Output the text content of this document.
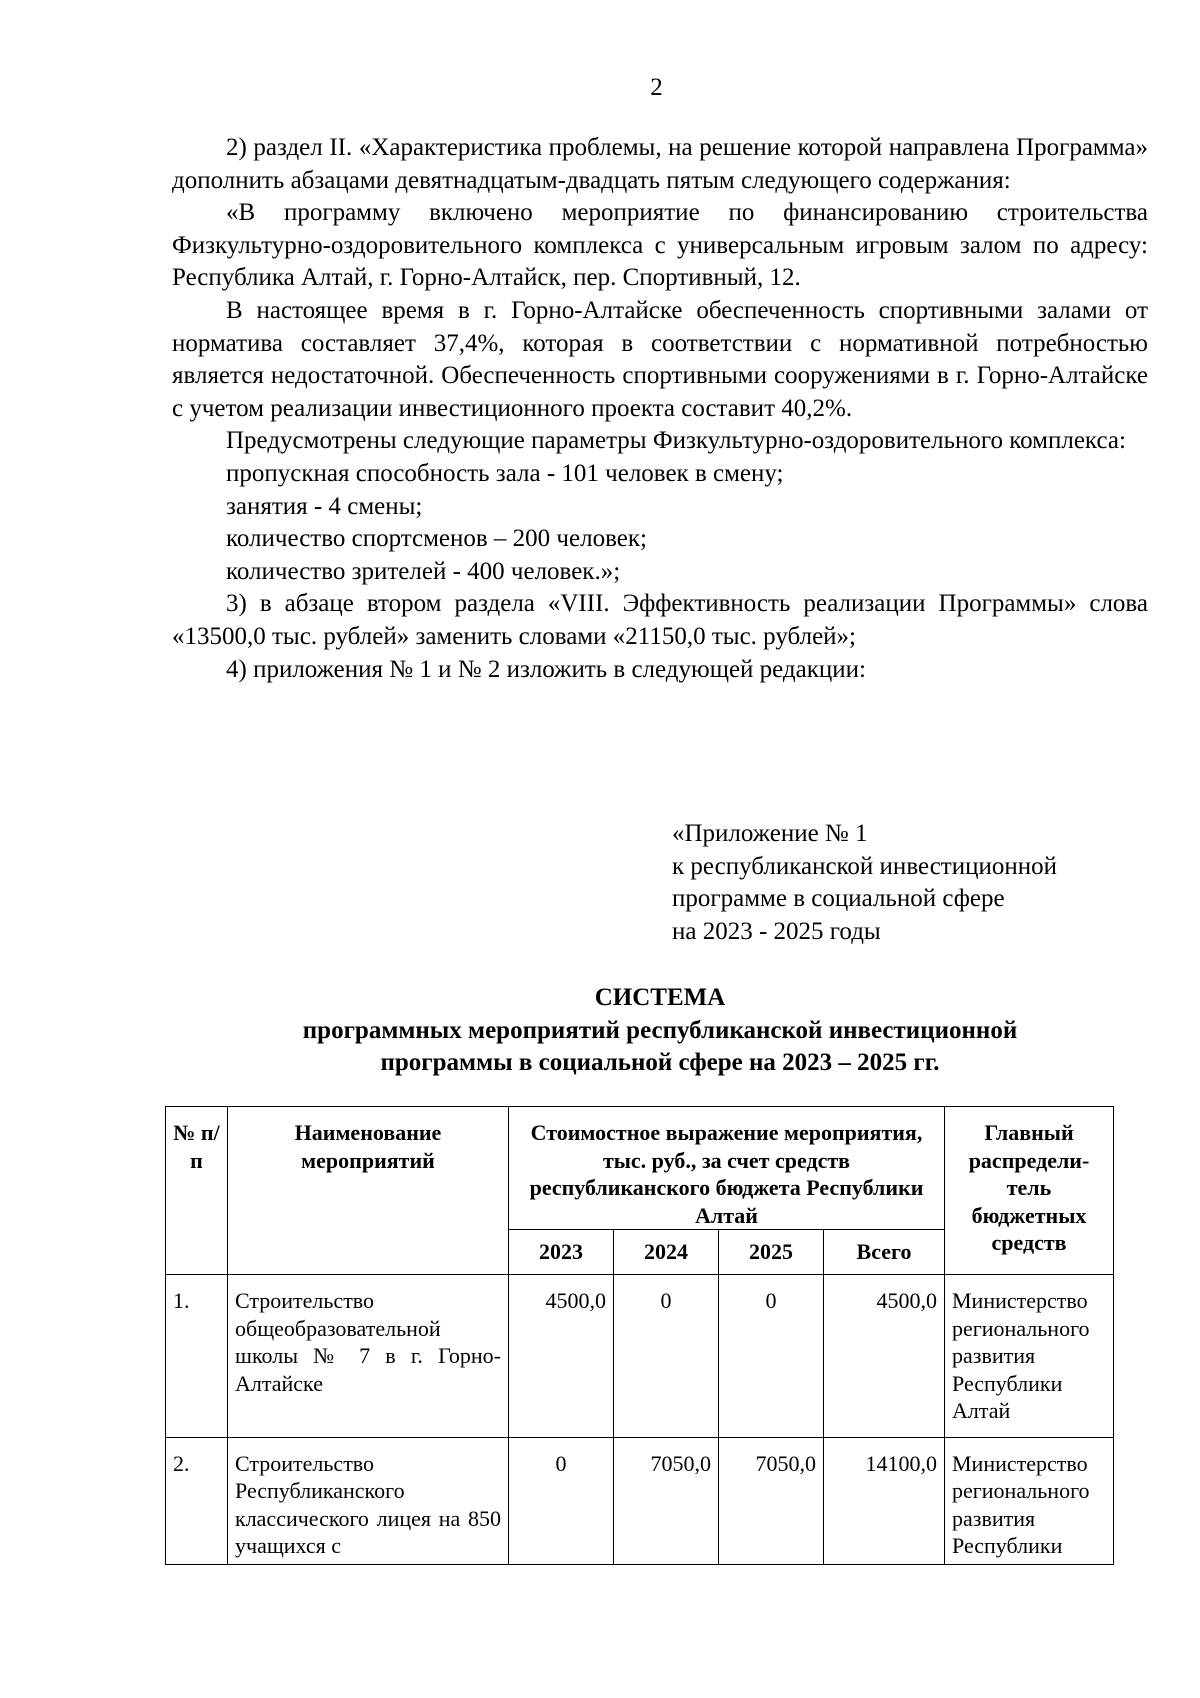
2

2) раздел II. «Характеристика проблемы, на решение которой направлена Программа» дополнить абзацами девятнадцатым-двадцать пятым следующего содержания:

«В программу включено мероприятие по финансированию строительства Физкультурно-оздоровительного комплекса с универсальным игровым залом по адресу: Республика Алтай, г. Горно-Алтайск, пер. Спортивный, 12.

В настоящее время в г. Горно-Алтайске обеспеченность спортивными залами от норматива составляет 37,4%, которая в соответствии с нормативной потребностью является недостаточной. Обеспеченность спортивными сооружениями в г. Горно-Алтайске с учетом реализации инвестиционного проекта составит 40,2%.

Предусмотрены следующие параметры Физкультурно-оздоровительного комплекса:

пропускная способность зала - 101 человек в смену;

занятия - 4 смены;

количество спортсменов – 200 человек;

количество зрителей - 400 человек.»;

3) в абзаце втором раздела «VIII. Эффективность реализации Программы» слова «13500,0 тыс. рублей» заменить словами «21150,0 тыс. рублей»;

4) приложения № 1 и № 2 изложить в следующей редакции:

«Приложение № 1
к республиканской инвестиционной
программе в социальной сфере
на 2023 - 2025 годы
СИСТЕМА
программных мероприятий республиканской инвестиционной
программы в социальной сфере на 2023 – 2025 гг.
№ п/п	Наименование мероприятий	Стоимостное выражение мероприятия, тыс. руб., за счет средств республиканского бюджета Республики Алтай				Главный распредели-тель бюджетных средств
		2023	2024	2025	Всего	
1.	Строительство общеобразовательной школы № 7 в г. Горно-Алтайске	4500,0	0	0	4500,0	Министерство регионального развития Республики Алтай
2.	Строительство Республиканского классического лицея на 850 учащихся с	0	7050,0	7050,0	14100,0	Министерство регионального развития Республики
